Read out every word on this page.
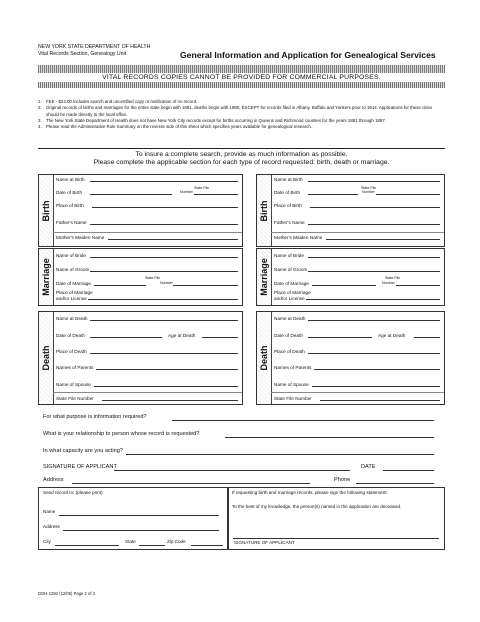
NEW YORK STATE DEPARTMENT OF HEALTH
Vital Records Section, Genealogy Unit	General Information and Application for Genealogical Services
VITAL RECORDS COPIES CANNOT BE PROVIDED FOR COMMERCIAL PURPOSES.
1. FEE - $22.00 includes search and uncertified copy or notification of no record.
2. Original records of births and marriages for the entire state begin with 1881, deaths begin with 1880, EXCEPT for records filed in Albany, Buffalo and Yonkers prior to 1914. Applications for these cities should be made directly to the local office.
3. The New York State Department of Health does not have New York City records except for births occurring in Queens and Richmond counties for the years 1881 through 1897.
4. Please read the Administrative Rule Summary on the reverse side of this sheet which specifies years available for genealogical research.
To insure a complete search, provide as much information as possible.
Please complete the applicable section for each type of record requested: birth, death or marriage.
Birth
Name at Birth
State File
Date of Birth	Number
Place of Birth
Father's Name
Mother's Maiden Name
Birth
Name at Birth
State File
Date of Birth	Number
Place of Birth
Father's Name
Mother's Maiden Name
Marriage
Name of Bride
Name of Groom
State File
Date of Marriage	Number
Place of Marriage
and/or License
Marriage
Name of Bride
Name of Groom
State File
Date of Marriage	Number
Place of Marriage
and/or License
Death
Name at Death
Date of Death	Age at Death
Place of Death
Names of Parents
Name of Spouse
State File Number
Death
Name at Death
Date of Death	Age at Death
Place of Death
Names of Parents
Name of Spouse
State File Number
For what purpose is information required?
What is your relationship to person whose record is requested?
In what capacity are you acting?
SIGNATURE OF APPLICANT	DATE
Address	Phone
Send record to: (please print)
Name
Address
City	State	Zip Code
If requesting birth and marriage records, please sign the following statement:
To the best of my knowledge, the person(s) named in the application are deceased.
SIGNATURE OF APPLICANT
DOH-1294 (12/05) Page 2 of 2
